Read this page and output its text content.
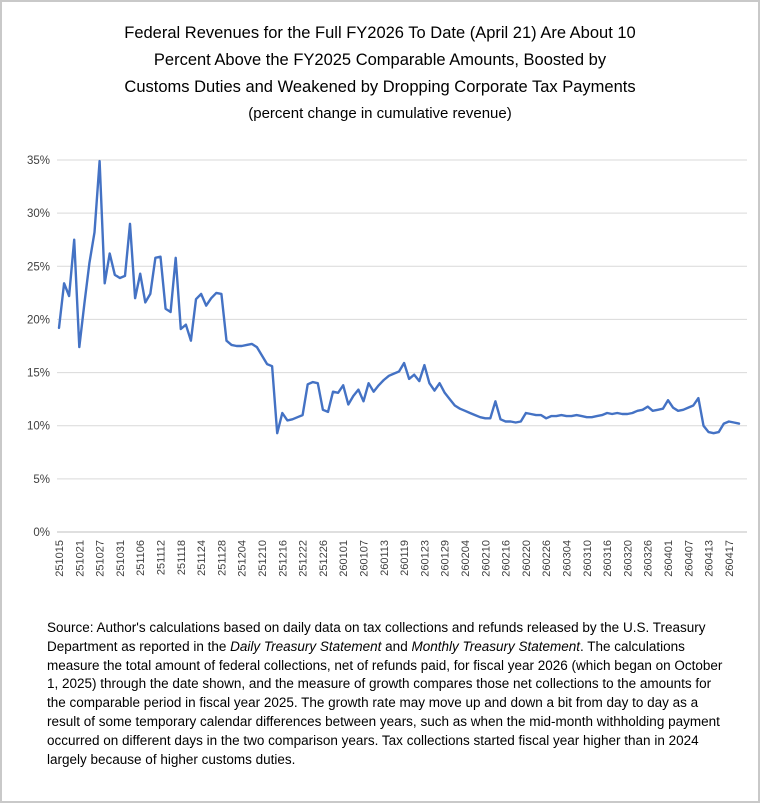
Federal Revenues for the Full FY2026 To Date (April 21) Are About 10
Percent Above the FY2025 Comparable Amounts, Boosted by
Customs Duties and Weakened by Dropping Corporate Tax Payments
(percent change in cumulative revenue)
0%
5%
10%
15%
20%
25%
30%
35%
251015 251021 251027 251031 251106 251112 251118 251124 251128 251204 251210 251216 251222 251226 260101 260107 260113 260119 260123 260129 260204 260210 260216 260220 260226 260304 260310 260316 260320 260326 260401 260407 260413 260417
Source: Author's calculations based on daily data on tax collections and refunds released by the U.S. Treasury Department as reported in the Daily Treasury Statement and Monthly Treasury Statement. The calculations measure the total amount of federal collections, net of refunds paid, for fiscal year 2026 (which began on October 1, 2025) through the date shown, and the measure of growth compares those net collections to the amounts for the comparable period in fiscal year 2025. The growth rate may move up and down a bit from day to day as a result of some temporary calendar differences between years, such as when the mid-month withholding payment occurred on different days in the two comparison years. Tax collections started fiscal year higher than in 2024 largely because of higher customs duties.
